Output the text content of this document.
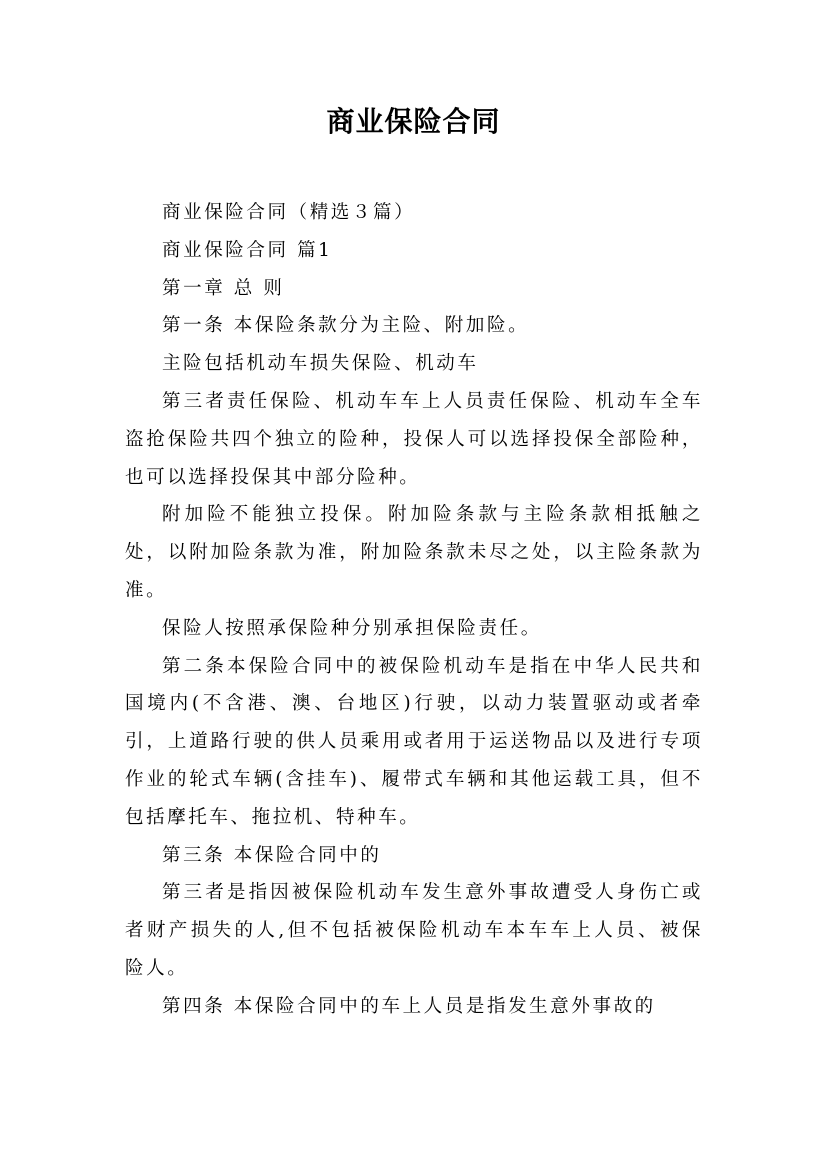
商业保险合同

商业保险合同（精选３篇）

商业保险合同 篇1

第一章 总 则

第一条 本保险条款分为主险、附加险。

主险包括机动车损失保险、机动车

第三者责任保险、机动车车上人员责任保险、机动车全车盗抢保险共四个独立的险种，投保人可以选择投保全部险种，也可以选择投保其中部分险种。

附加险不能独立投保。附加险条款与主险条款相抵触之处，以附加险条款为准，附加险条款未尽之处，以主险条款为准。

保险人按照承保险种分别承担保险责任。

第二条本保险合同中的被保险机动车是指在中华人民共和国境内(不含港、澳、台地区)行驶，以动力装置驱动或者牵引，上道路行驶的供人员乘用或者用于运送物品以及进行专项作业的轮式车辆(含挂车)、履带式车辆和其他运载工具，但不包括摩托车、拖拉机、特种车。

第三条 本保险合同中的

第三者是指因被保险机动车发生意外事故遭受人身伤亡或者财产损失的人,但不包括被保险机动车本车车上人员、被保险人。

第四条 本保险合同中的车上人员是指发生意外事故的
